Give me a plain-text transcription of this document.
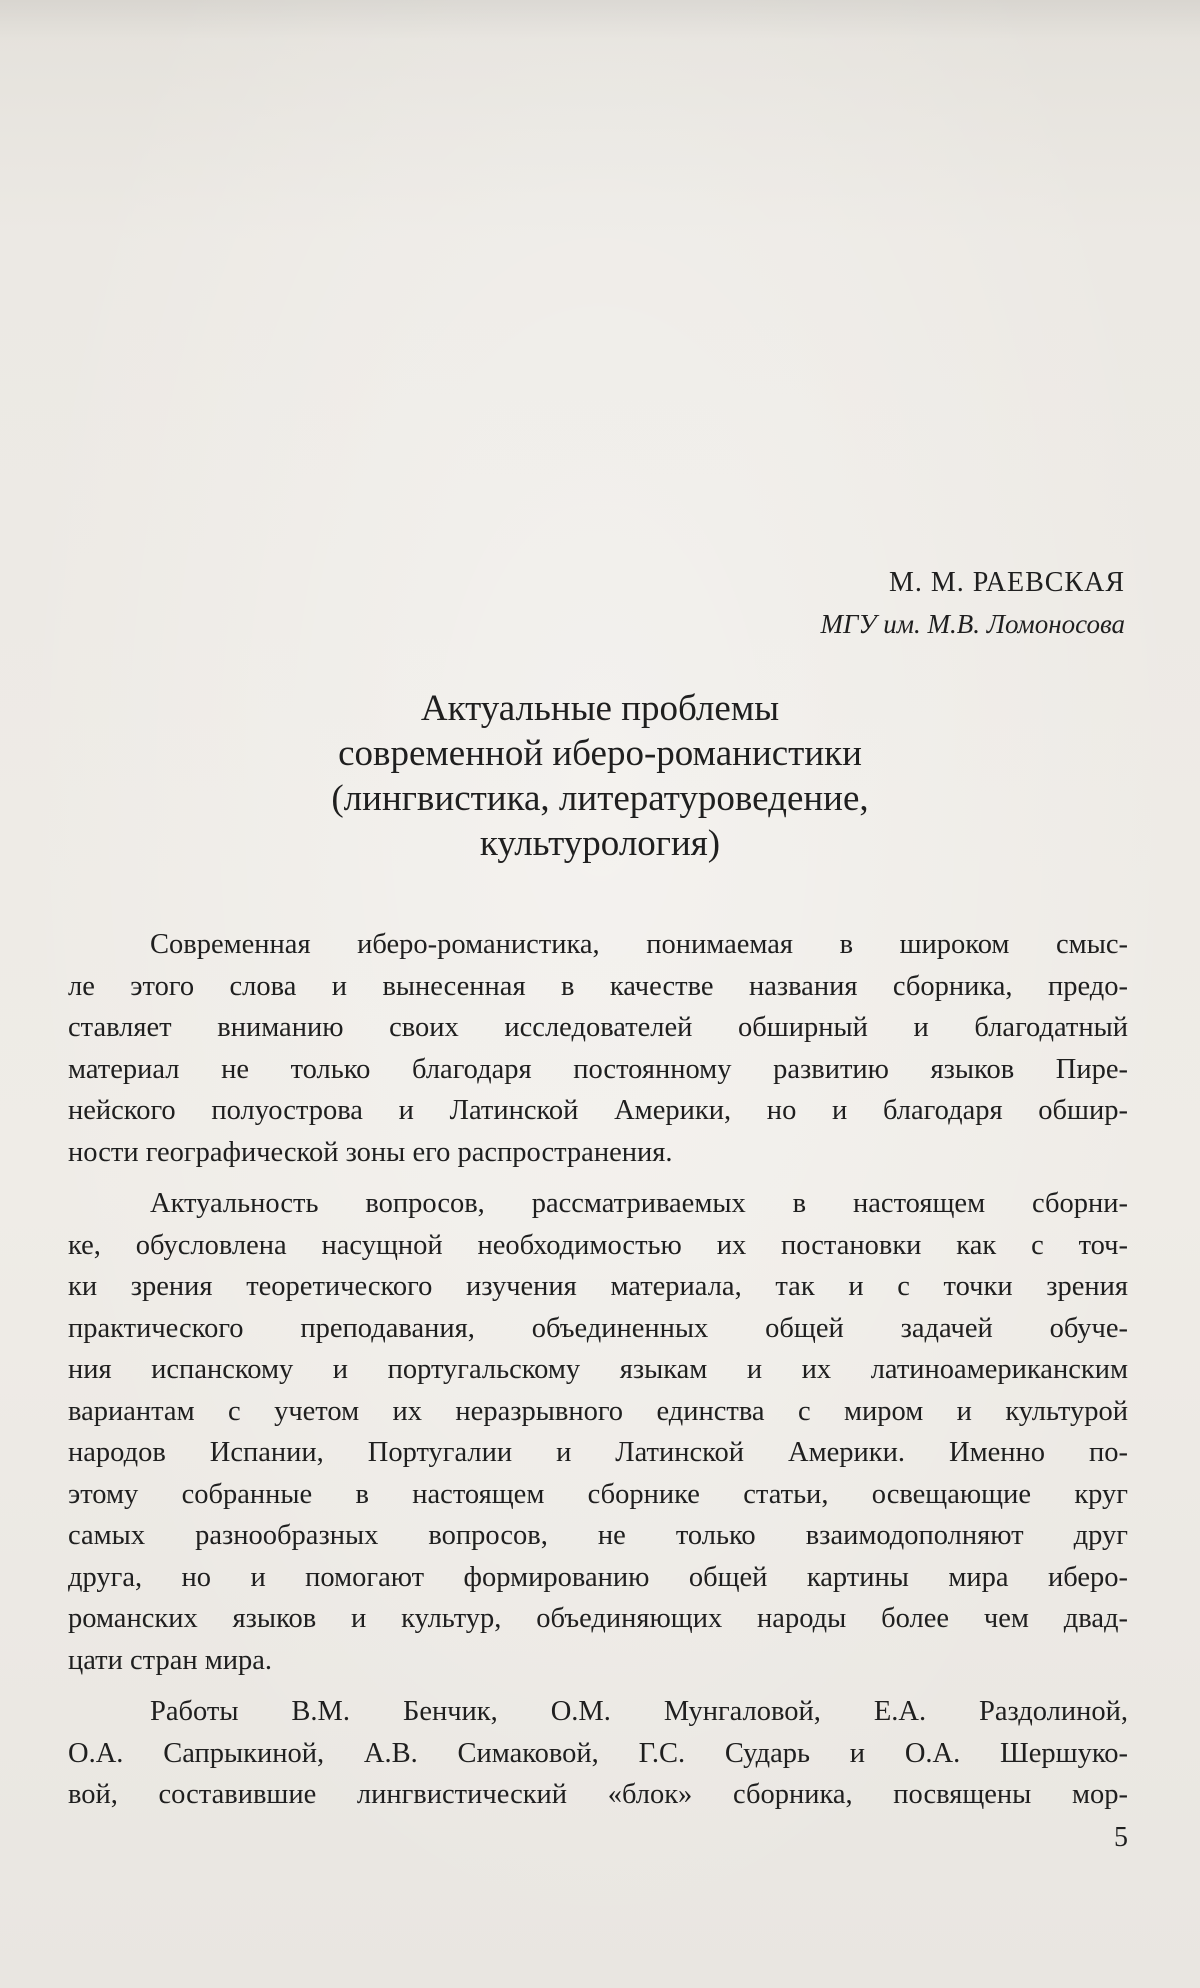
М. М. РАЕВСКАЯ
МГУ им. М.В. Ломоносова
Актуальные проблемы
современной иберо-романистики
(лингвистика, литературоведение,
культурология)
Современная иберо-романистика, понимаемая в широком смыс-
ле этого слова и вынесенная в качестве названия сборника, предо-
ставляет вниманию своих исследователей обширный и благодатный
материал не только благодаря постоянному развитию языков Пире-
нейского полуострова и Латинской Америки, но и благодаря обшир-
ности географической зоны его распространения.
Актуальность вопросов, рассматриваемых в настоящем сборни-
ке, обусловлена насущной необходимостью их постановки как с точ-
ки зрения теоретического изучения материала, так и с точки зрения
практического преподавания, объединенных общей задачей обуче-
ния испанскому и португальскому языкам и их латиноамериканским
вариантам с учетом их неразрывного единства с миром и культурой
народов Испании, Португалии и Латинской Америки. Именно по-
этому собранные в настоящем сборнике статьи, освещающие круг
самых разнообразных вопросов, не только взаимодополняют друг
друга, но и помогают формированию общей картины мира иберо-
романских языков и культур, объединяющих народы более чем двад-
цати стран мира.
Работы В.М. Бенчик, О.М. Мунгаловой, Е.А. Раздолиной,
О.А. Сапрыкиной, А.В. Симаковой, Г.С. Сударь и О.А. Шершуко-
вой, составившие лингвистический «блок» сборника, посвящены мор-
5
